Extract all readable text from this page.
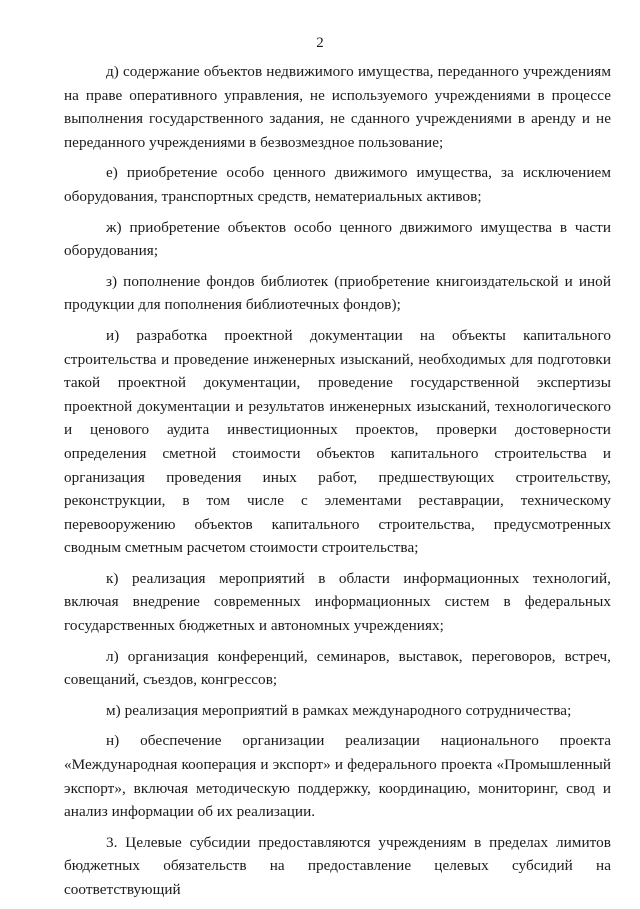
2

д) содержание объектов недвижимого имущества, переданного учреждениям на праве оперативного управления, не используемого учреждениями в процессе выполнения государственного задания, не сданного учреждениями в аренду и не переданного учреждениями в безвозмездное пользование;

е) приобретение особо ценного движимого имущества, за исключением оборудования, транспортных средств, нематериальных активов;

ж) приобретение объектов особо ценного движимого имущества в части оборудования;

з) пополнение фондов библиотек (приобретение книгоиздательской и иной продукции для пополнения библиотечных фондов);

и) разработка проектной документации на объекты капитального строительства и проведение инженерных изысканий, необходимых для подготовки такой проектной документации, проведение государственной экспертизы проектной документации и результатов инженерных изысканий, технологического и ценового аудита инвестиционных проектов, проверки достоверности определения сметной стоимости объектов капитального строительства и организация проведения иных работ, предшествующих строительству, реконструкции, в том числе с элементами реставрации, техническому перевооружению объектов капитального строительства, предусмотренных сводным сметным расчетом стоимости строительства;

к) реализация мероприятий в области информационных технологий, включая внедрение современных информационных систем в федеральных государственных бюджетных и автономных учреждениях;

л) организация конференций, семинаров, выставок, переговоров, встреч, совещаний, съездов, конгрессов;

м) реализация мероприятий в рамках международного сотрудничества;

н) обеспечение организации реализации национального проекта «Международная кооперация и экспорт» и федерального проекта «Промышленный экспорт», включая методическую поддержку, координацию, мониторинг, свод и анализ информации об их реализации.

3. Целевые субсидии предоставляются учреждениям в пределах лимитов бюджетных обязательств на предоставление целевых субсидий на соответствующий
